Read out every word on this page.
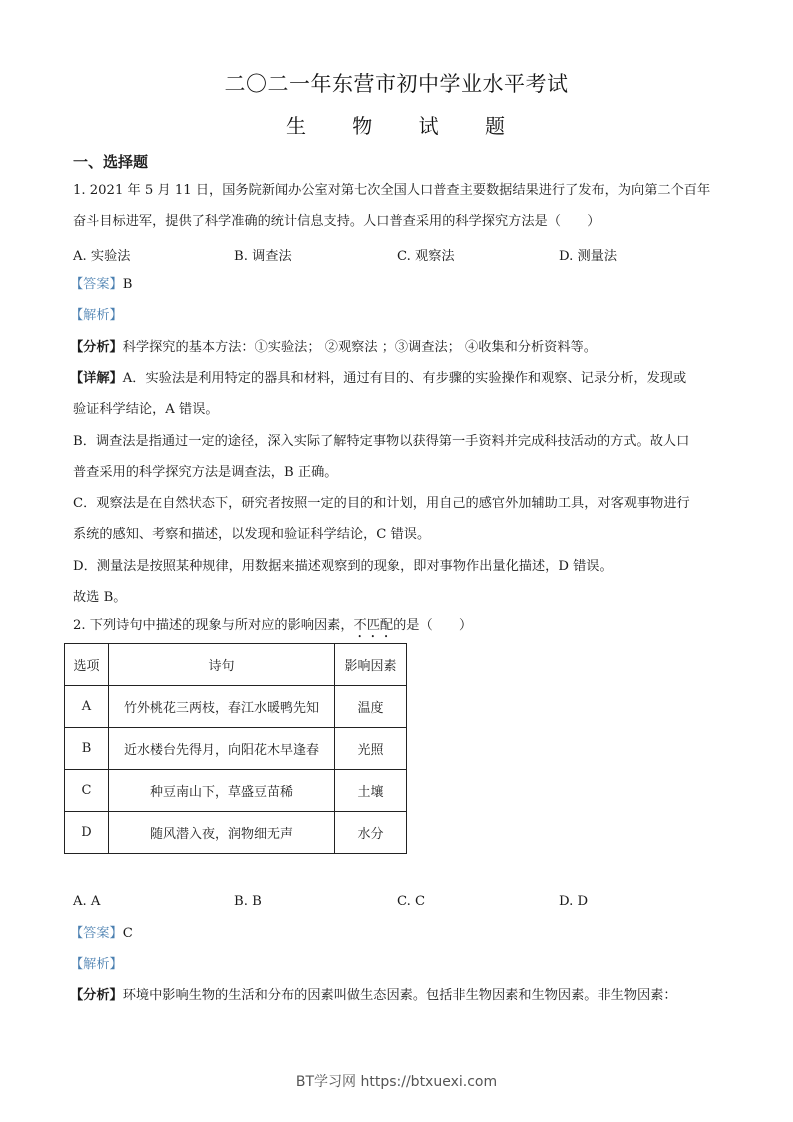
二〇二一年东营市初中学业水平考试
生 物 试 题
一、选择题
1. 2021 年 5 月 11 日，国务院新闻办公室对第七次全国人口普查主要数据结果进行了发布，为向第二个百年
奋斗目标进军，提供了科学准确的统计信息支持。人口普查采用的科学探究方法是（　　）
A. 实验法	B. 调查法	C. 观察法	D. 测量法
【答案】B
【解析】
【分析】科学探究的基本方法：①实验法； ②观察法 ；③调查法； ④收集和分析资料等。
【详解】A．实验法是利用特定的器具和材料，通过有目的、有步骤的实验操作和观察、记录分析，发现或
验证科学结论，A 错误。
B．调查法是指通过一定的途径，深入实际了解特定事物以获得第一手资料并完成科技活动的方式。故人口
普查采用的科学探究方法是调查法，B 正确。
C．观察法是在自然状态下，研究者按照一定的目的和计划，用自己的感官外加辅助工具，对客观事物进行
系统的感知、考察和描述，以发现和验证科学结论，C 错误。
D．测量法是按照某种规律，用数据来描述观察到的现象，即对事物作出量化描述，D 错误。
故选 B。
2. 下列诗句中描述的现象与所对应的影响因素，不匹配的是（　　）
选项	诗句	影响因素
A	竹外桃花三两枝，春江水暖鸭先知	温度
B	近水楼台先得月，向阳花木早逢春	光照
C	种豆南山下，草盛豆苗稀	土壤
D	随风潜入夜，润物细无声	水分
A. A	B. B	C. C	D. D
【答案】C
【解析】
【分析】环境中影响生物的生活和分布的因素叫做生态因素。包括非生物因素和生物因素。非生物因素：
BT学习网 https://btxuexi.com
